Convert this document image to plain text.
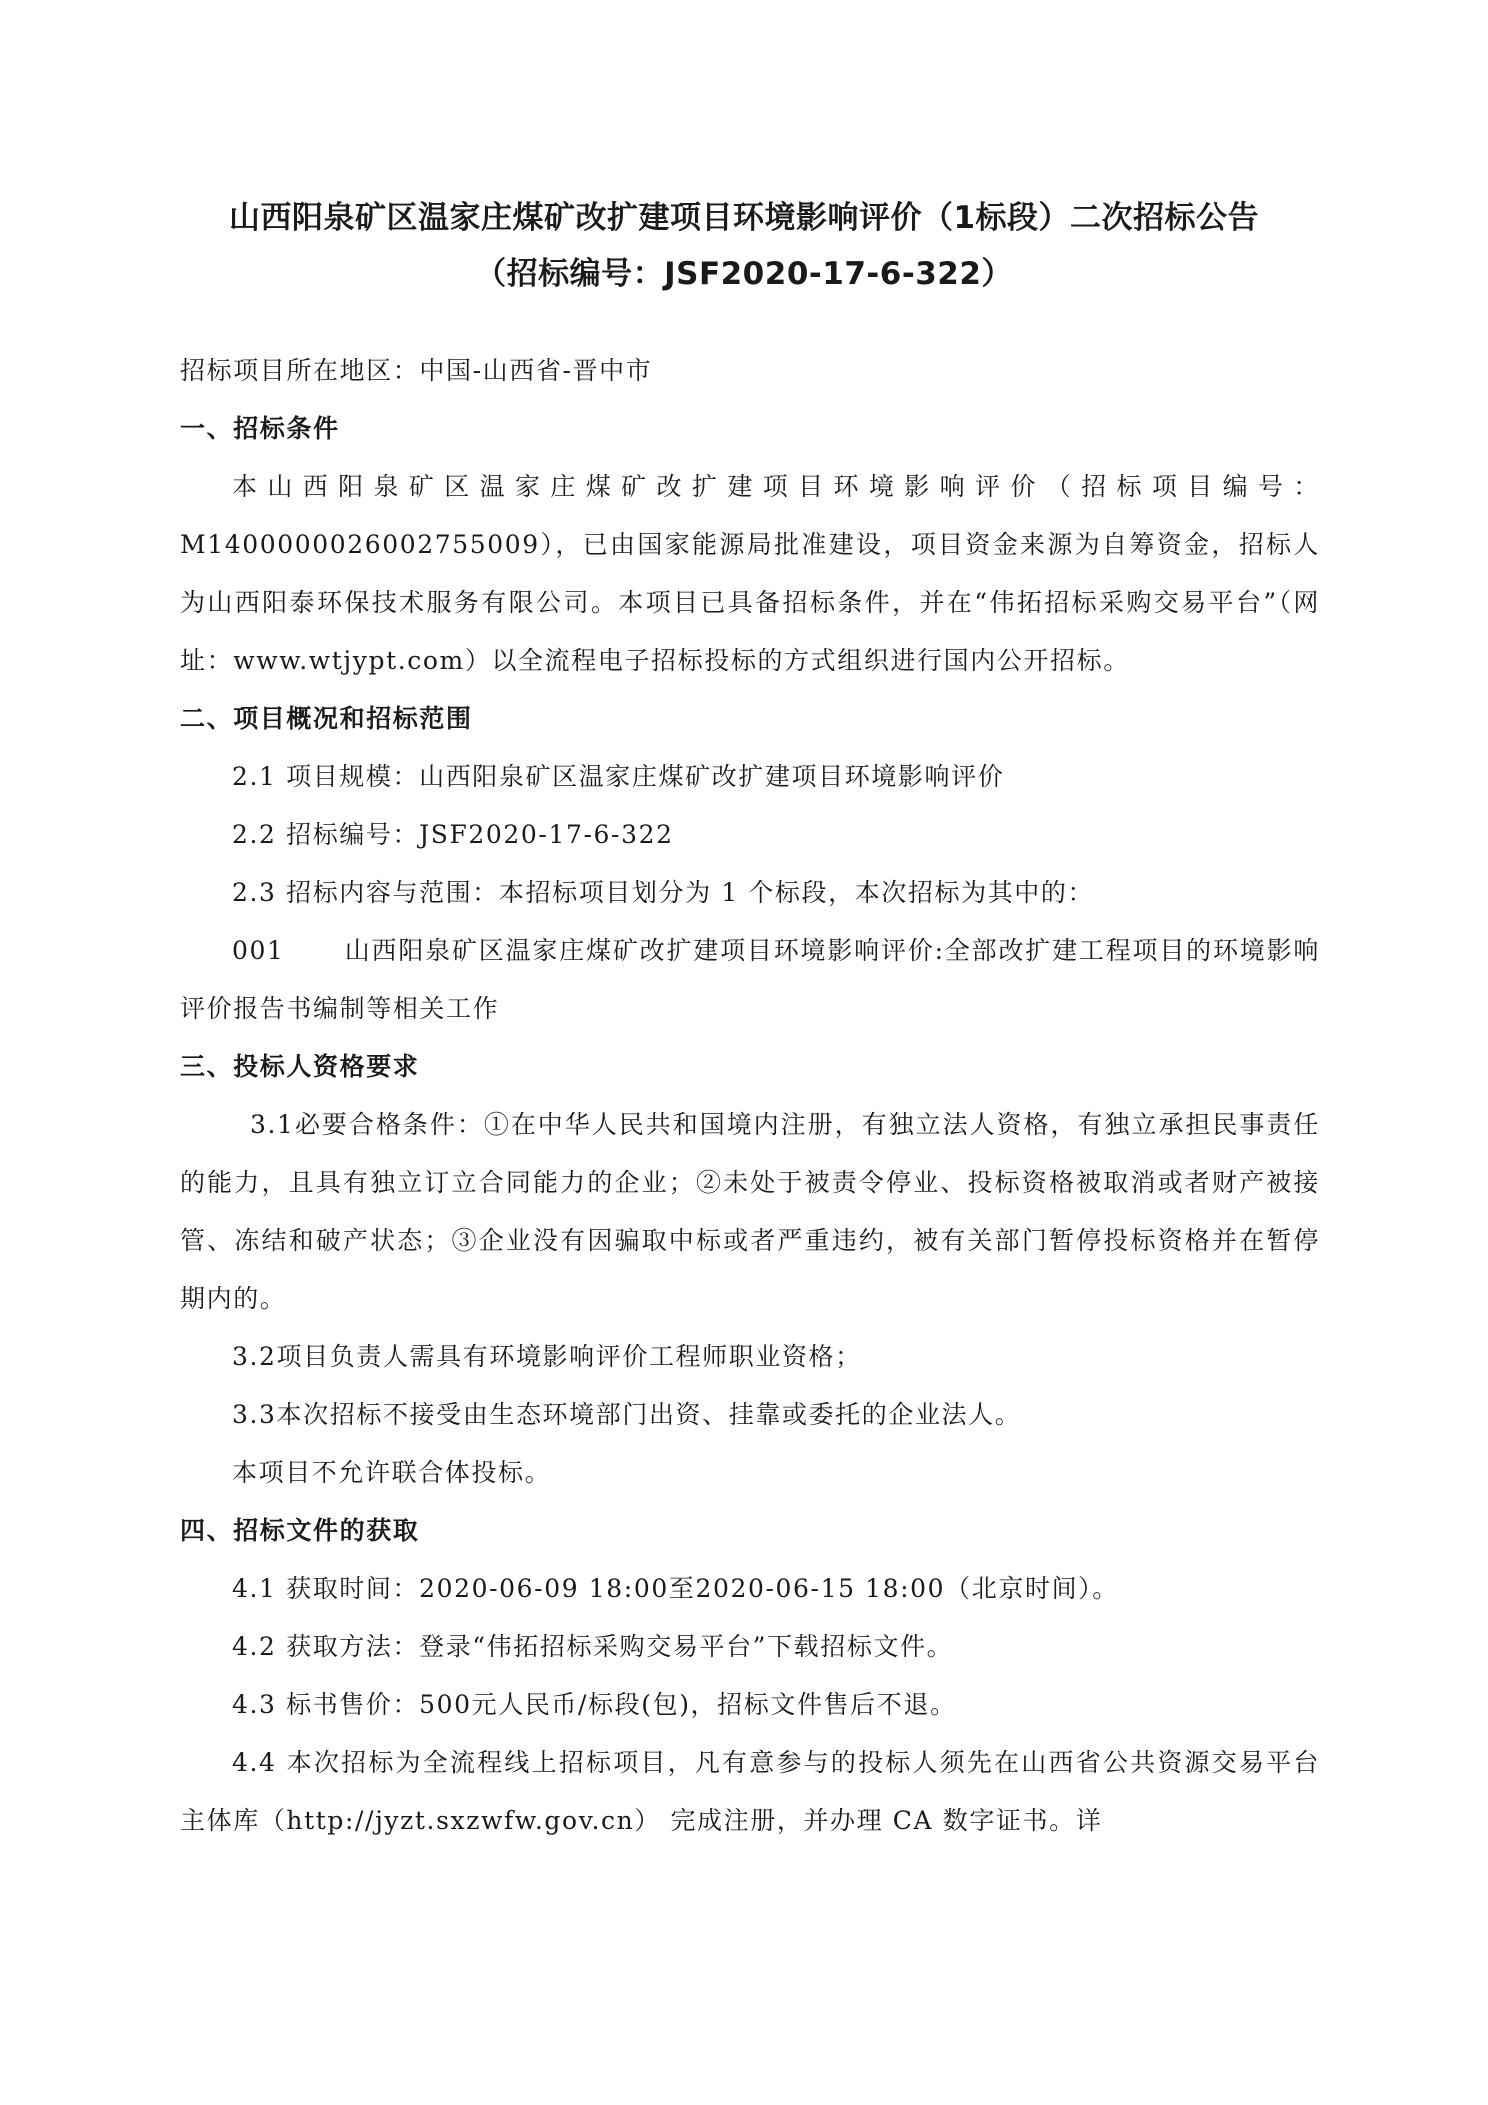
山西阳泉矿区温家庄煤矿改扩建项目环境影响评价（1标段）二次招标公告
（招标编号：JSF2020-17-6-322）

招标项目所在地区：中国-山西省-晋中市

一、招标条件

本山西阳泉矿区温家庄煤矿改扩建项目环境影响评价（招标项目编号：M1400000026002755009），已由国家能源局批准建设，项目资金来源为自筹资金，招标人为山西阳泰环保技术服务有限公司。本项目已具备招标条件，并在“伟拓招标采购交易平台”（网址：www.wtjypt.com）以全流程电子招标投标的方式组织进行国内公开招标。

二、项目概况和招标范围

2.1 项目规模：山西阳泉矿区温家庄煤矿改扩建项目环境影响评价

2.2 招标编号：JSF2020-17-6-322

2.3 招标内容与范围：本招标项目划分为 1 个标段，本次招标为其中的：

001 山西阳泉矿区温家庄煤矿改扩建项目环境影响评价:全部改扩建工程项目的环境影响评价报告书编制等相关工作

三、投标人资格要求

3.1必要合格条件：①在中华人民共和国境内注册，有独立法人资格，有独立承担民事责任的能力，且具有独立订立合同能力的企业；②未处于被责令停业、投标资格被取消或者财产被接管、冻结和破产状态；③企业没有因骗取中标或者严重违约，被有关部门暂停投标资格并在暂停期内的。

3.2项目负责人需具有环境影响评价工程师职业资格；

3.3本次招标不接受由生态环境部门出资、挂靠或委托的企业法人。

本项目不允许联合体投标。

四、招标文件的获取

4.1 获取时间：2020-06-09 18:00至2020-06-15 18:00（北京时间）。

4.2 获取方法：登录“伟拓招标采购交易平台”下载招标文件。

4.3 标书售价：500元人民币/标段(包)，招标文件售后不退。

4.4 本次招标为全流程线上招标项目，凡有意参与的投标人须先在山西省公共资源交易平台主体库（http://jyzt.sxzwfw.gov.cn） 完成注册，并办理 CA 数字证书。详
